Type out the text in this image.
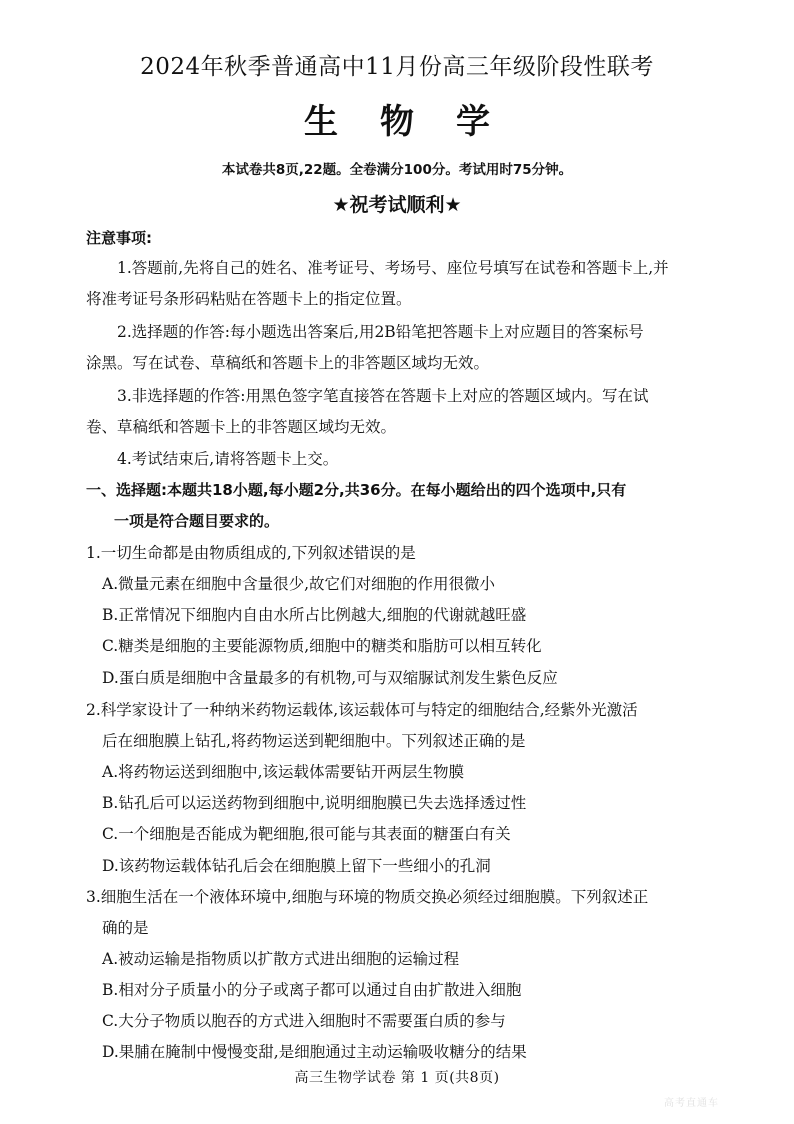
2024年秋季普通高中11月份高三年级阶段性联考
生物学
本试卷共8页,22题。全卷满分100分。考试用时75分钟。
★祝考试顺利★
注意事项:
1.答题前,先将自己的姓名、准考证号、考场号、座位号填写在试卷和答题卡上,并
将准考证号条形码粘贴在答题卡上的指定位置。
2.选择题的作答:每小题选出答案后,用2B铅笔把答题卡上对应题目的答案标号
涂黑。写在试卷、草稿纸和答题卡上的非答题区域均无效。
3.非选择题的作答:用黑色签字笔直接答在答题卡上对应的答题区域内。写在试
卷、草稿纸和答题卡上的非答题区域均无效。
4.考试结束后,请将答题卡上交。
一、选择题:本题共18小题,每小题2分,共36分。在每小题给出的四个选项中,只有
一项是符合题目要求的。
1.一切生命都是由物质组成的,下列叙述错误的是
A.微量元素在细胞中含量很少,故它们对细胞的作用很微小
B.正常情况下细胞内自由水所占比例越大,细胞的代谢就越旺盛
C.糖类是细胞的主要能源物质,细胞中的糖类和脂肪可以相互转化
D.蛋白质是细胞中含量最多的有机物,可与双缩脲试剂发生紫色反应
2.科学家设计了一种纳米药物运载体,该运载体可与特定的细胞结合,经紫外光激活
后在细胞膜上钻孔,将药物运送到靶细胞中。下列叙述正确的是
A.将药物运送到细胞中,该运载体需要钻开两层生物膜
B.钻孔后可以运送药物到细胞中,说明细胞膜已失去选择透过性
C.一个细胞是否能成为靶细胞,很可能与其表面的糖蛋白有关
D.该药物运载体钻孔后会在细胞膜上留下一些细小的孔洞
3.细胞生活在一个液体环境中,细胞与环境的物质交换必须经过细胞膜。下列叙述正
确的是
A.被动运输是指物质以扩散方式进出细胞的运输过程
B.相对分子质量小的分子或离子都可以通过自由扩散进入细胞
C.大分子物质以胞吞的方式进入细胞时不需要蛋白质的参与
D.果脯在腌制中慢慢变甜,是细胞通过主动运输吸收糖分的结果
高三生物学试卷 第 1 页(共8页)
高考直通车
